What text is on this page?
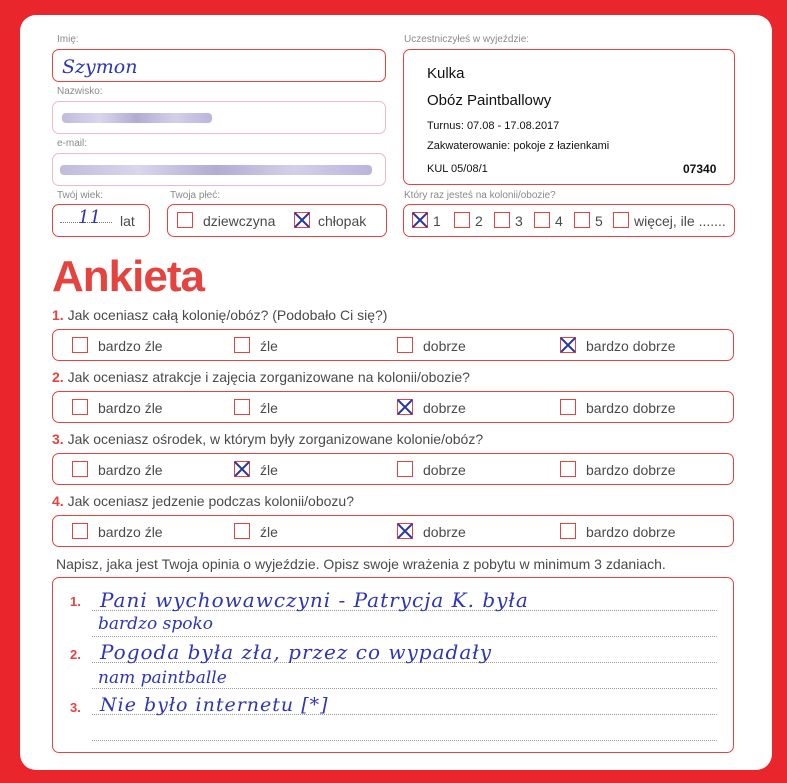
Imię:
Szymon
Nazwisko:
e-mail:
Twój wiek:
11 lat
Twoja płeć:
dziewczyna	chłopak
Uczestniczyłeś w wyjeździe:
Kulka
Obóz Paintballowy
Turnus: 07.08 - 17.08.2017
Zakwaterowanie: pokoje z łazienkami
KUL 05/08/1	07340
Który raz jesteś na kolonii/obozie?
1 2 3 4 5 więcej, ile .......
Ankieta
1. Jak oceniasz całą kolonię/obóz? (Podobało Ci się?)
bardzo źle	źle	dobrze	bardzo dobrze
2. Jak oceniasz atrakcje i zajęcia zorganizowane na kolonii/obozie?
bardzo źle	źle	dobrze	bardzo dobrze
3. Jak oceniasz ośrodek, w którym były zorganizowane kolonie/obóz?
bardzo źle	źle	dobrze	bardzo dobrze
4. Jak oceniasz jedzenie podczas kolonii/obozu?
bardzo źle	źle	dobrze	bardzo dobrze
Napisz, jaka jest Twoja opinia o wyjeździe. Opisz swoje wrażenia z pobytu w minimum 3 zdaniach.
1.
2.
3.
Pani wychowawczyni - Patrycja K. była
bardzo spoko
Pogoda była zła, przez co wypadały
nam paintballe
Nie było internetu [*]
